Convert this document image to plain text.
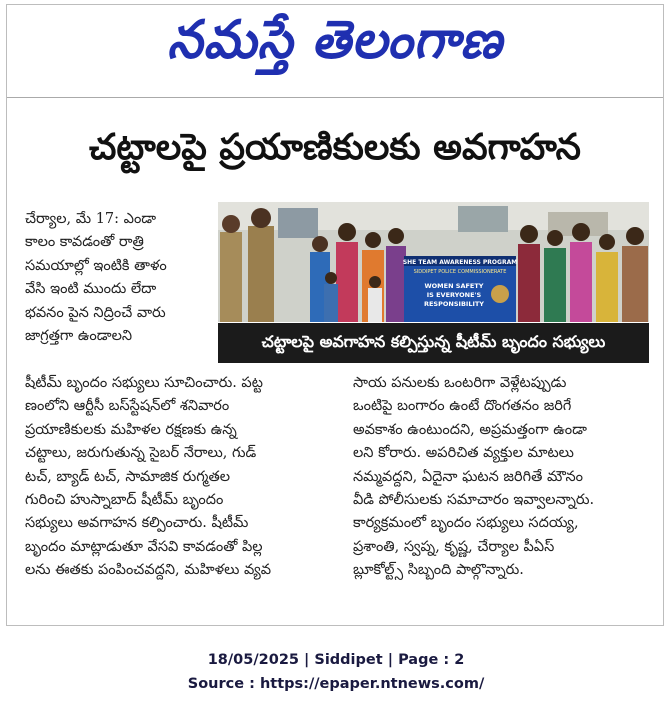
నమస్తే తెలంగాణ
చట్టాలపై ప్రయాణికులకు అవగాహన

చేర్యాల, మే 17: ఎండా

కాలం కావడంతో రాత్రి

సమయాల్లో ఇంటికి తాళం

వేసి ఇంటి ముందు లేదా

భవనం పైన నిద్రించే వారు

జాగ్రత్తగా ఉండాలని

SHE TEAM AWARENESS PROGRAM
SIDDIPET POLICE COMMISSIONERATE
WOMEN SAFETY
IS EVERYONE'S
RESPONSIBILITY
చట్టాలపై అవగాహన కల్పిస్తున్న షీటీమ్ బృందం సభ్యులు

షీటీమ్ బృందం సభ్యులు సూచించారు. పట్ట

ణంలోని ఆర్టీసీ బస్‌స్టేషన్‌లో శనివారం

ప్రయాణికులకు మహిళల రక్షణకు ఉన్న

చట్టాలు, జరుగుతున్న సైబర్ నేరాలు, గుడ్

టచ్, బ్యాడ్ టచ్, సామాజిక రుగ్మతల

గురించి హుస్నాబాద్ షీటీమ్ బృందం

సభ్యులు అవగాహన కల్పించారు. షీటీమ్

బృందం మాట్లాడుతూ వేసవి కావడంతో పిల్ల

లను ఈతకు పంపించవద్దని, మహిళలు వ్యవ

సాయ పనులకు ఒంటరిగా వెళ్లేటప్పుడు

ఒంటిపై బంగారం ఉంటే దొంగతనం జరిగే

అవకాశం ఉంటుందని, అప్రమత్తంగా ఉండా

లని కోరారు. అపరిచిత వ్యక్తుల మాటలు

నమ్మవద్దని, ఏదైనా ఘటన జరిగితే మౌనం

వీడి పోలీసులకు సమాచారం ఇవ్వాలన్నారు.

కార్యక్రమంలో బృందం సభ్యులు సదయ్య,

ప్రశాంతి, స్వప్న, కృష్ణ, చేర్యాల పీఏస్

బ్లూకోల్ట్స్ సిబ్బంది పాల్గొన్నారు.

18/05/2025 | Siddipet | Page : 2
Source : https://epaper.ntnews.com/
